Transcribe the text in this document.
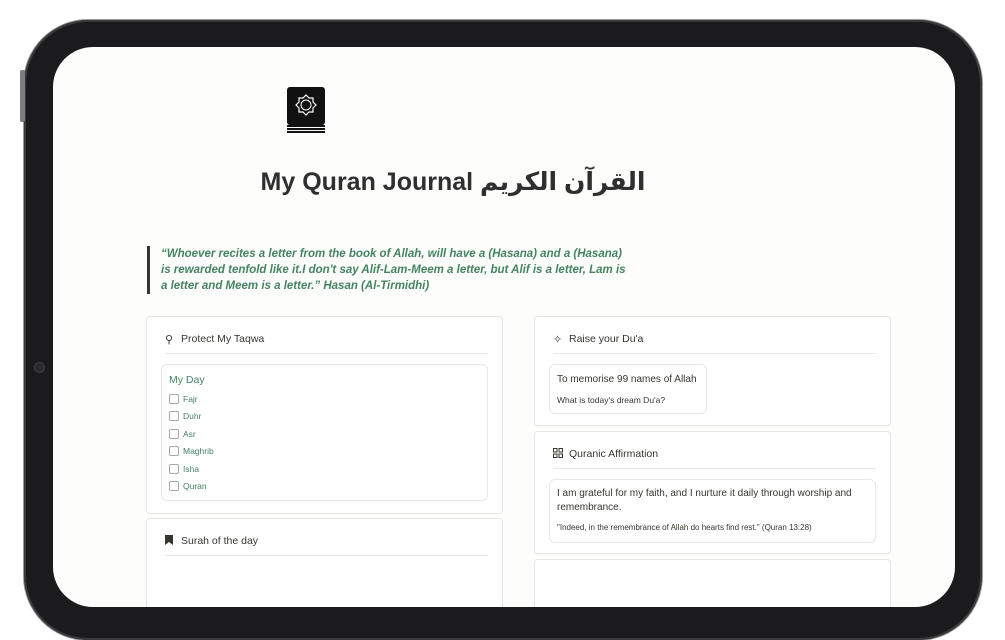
My Quran Journal القرآن الكريم
“Whoever recites a letter from the book of Allah, will have a (Hasana) and a (Hasana) is rewarded tenfold like it.I don't say Alif-Lam-Meem a letter, but Alif is a letter, Lam is a letter and Meem is a letter.” Hasan (Al-Tirmidhi)
⚲ Protect My Taqwa
My Day
Fajr
Duhr
Asr
Maghrib
Isha
Quran
Surah of the day
✧ Raise your Du'a
To memorise 99 names of Allah
What is today's dream Du'a?
Quranic Affirmation
I am grateful for my faith, and I nurture it daily through worship and remembrance.
"Indeed, in the remembrance of Allah do hearts find rest." (Quran 13:28)
